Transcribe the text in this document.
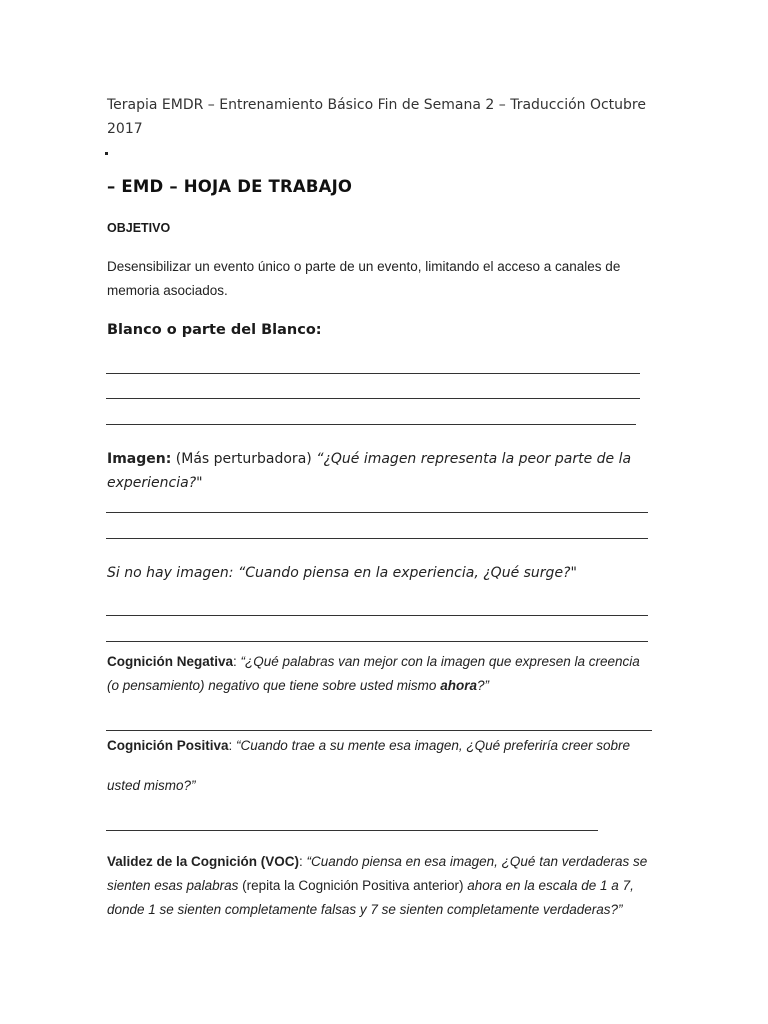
Terapia EMDR – Entrenamiento Básico Fin de Semana 2 – Traducción Octubre
2017
– EMD – HOJA DE TRABAJO
OBJETIVO
Desensibilizar un evento único o parte de un evento, limitando el acceso a canales de
memoria asociados.
Blanco o parte del Blanco:
Imagen: (Más perturbadora) “¿Qué imagen representa la peor parte de la
experiencia?"
Si no hay imagen: “Cuando piensa en la experiencia, ¿Qué surge?"
Cognición Negativa: “¿Qué palabras van mejor con la imagen que expresen la creencia
(o pensamiento) negativo que tiene sobre usted mismo ahora?”
Cognición Positiva: “Cuando trae a su mente esa imagen, ¿Qué preferiría creer sobre
usted mismo?”
Validez de la Cognición (VOC): “Cuando piensa en esa imagen, ¿Qué tan verdaderas se
sienten esas palabras (repita la Cognición Positiva anterior) ahora en la escala de 1 a 7,
donde 1 se sienten completamente falsas y 7 se sienten completamente verdaderas?”
